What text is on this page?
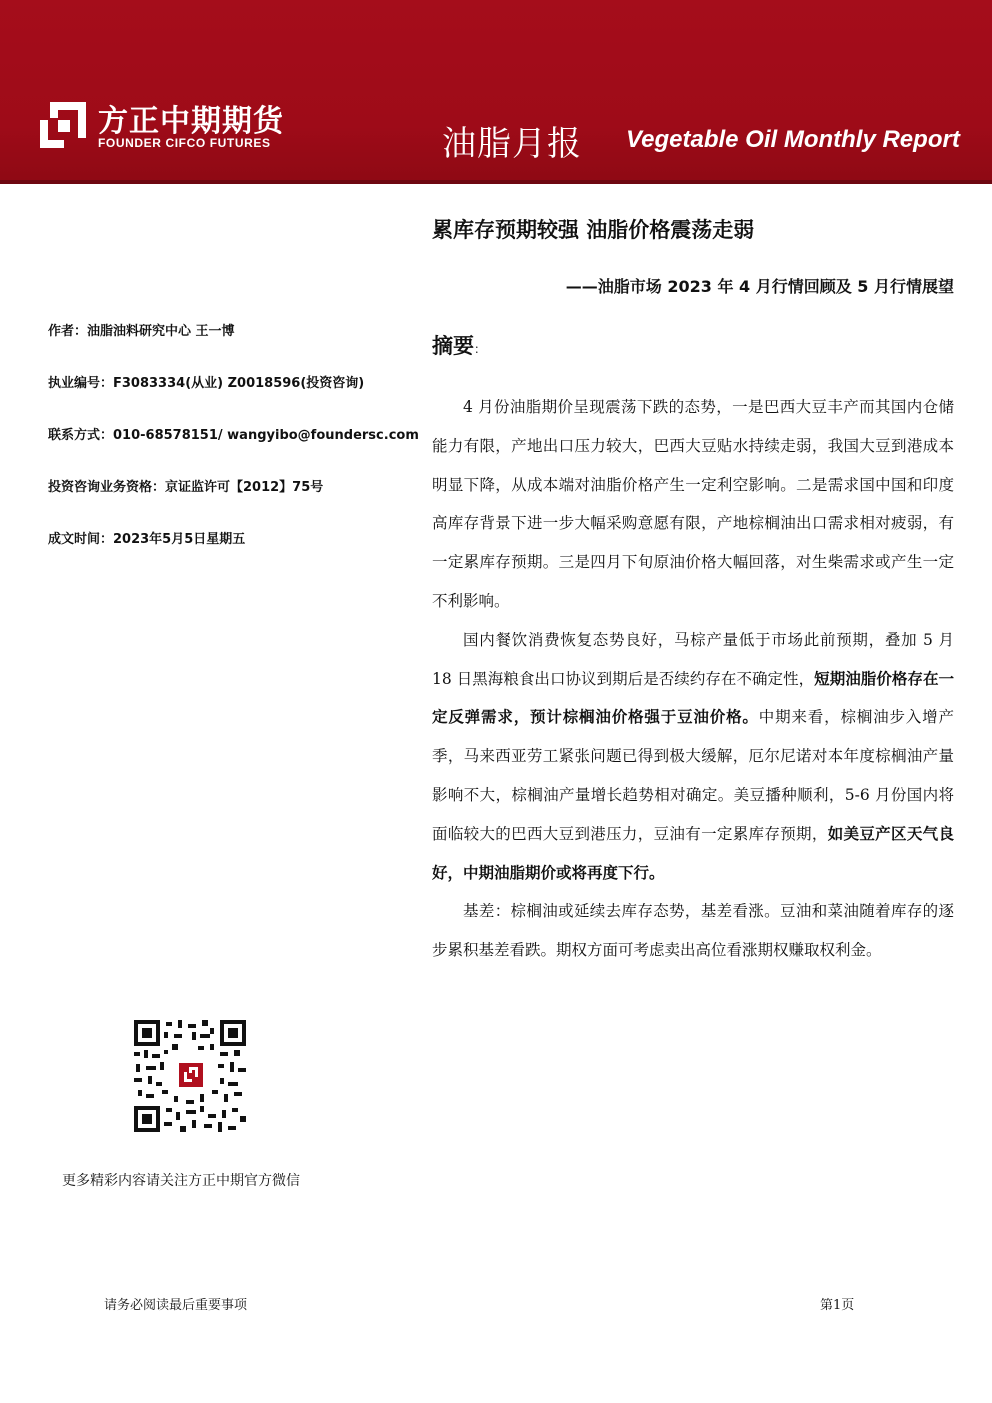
方正中期期货
FOUNDER CIFCO FUTURES	油脂月报 Vegetable Oil Monthly Report
累库存预期较强 油脂价格震荡走弱
——油脂市场 2023 年 4 月行情回顾及 5 月行情展望
作者：油脂油料研究中心 王一博
执业编号：F3083334(从业) Z0018596(投资咨询)
联系方式：010-68578151/ wangyibo@foundersc.com
投资咨询业务资格：京证监许可【2012】75号
成文时间：2023年5月5日星期五
摘要：

4 月份油脂期价呈现震荡下跌的态势，一是巴西大豆丰产而其国内仓储能力有限，产地出口压力较大，巴西大豆贴水持续走弱，我国大豆到港成本明显下降，从成本端对油脂价格产生一定利空影响。二是需求国中国和印度高库存背景下进一步大幅采购意愿有限，产地棕榈油出口需求相对疲弱，有一定累库存预期。三是四月下旬原油价格大幅回落，对生柴需求或产生一定不利影响。

国内餐饮消费恢复态势良好，马棕产量低于市场此前预期，叠加 5 月 18 日黑海粮食出口协议到期后是否续约存在不确定性，短期油脂价格存在一定反弹需求，预计棕榈油价格强于豆油价格。中期来看，棕榈油步入增产季，马来西亚劳工紧张问题已得到极大缓解，厄尔尼诺对本年度棕榈油产量影响不大，棕榈油产量增长趋势相对确定。美豆播种顺利，5-6 月份国内将面临较大的巴西大豆到港压力，豆油有一定累库存预期，如美豆产区天气良好，中期油脂期价或将再度下行。

基差：棕榈油或延续去库存态势，基差看涨。豆油和菜油随着库存的逐步累积基差看跌。期权方面可考虑卖出高位看涨期权赚取权利金。

更多精彩内容请关注方正中期官方微信
请务必阅读最后重要事项	第1页
